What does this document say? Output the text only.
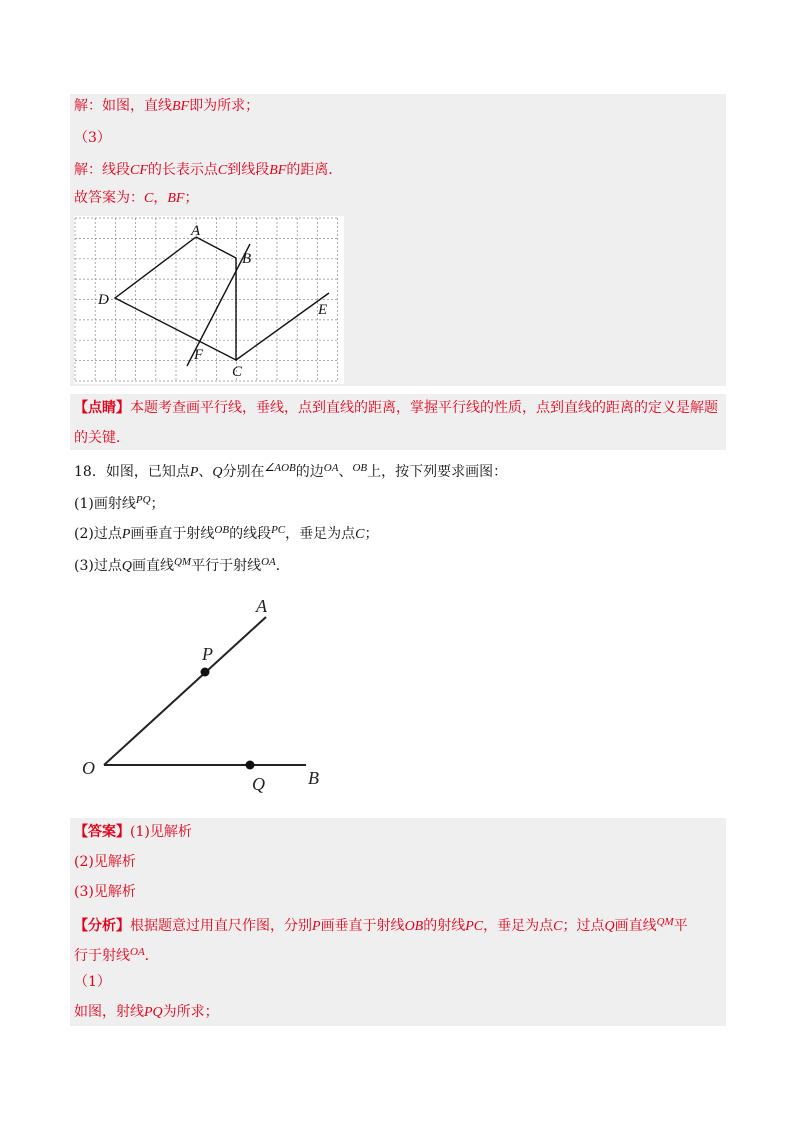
解：如图，直线BF即为所求；
（3）
解：线段CF的长表示点C到线段BF的距离．
故答案为：C，BF；
A
B
D
E
F
C
【点睛】本题考查画平行线，垂线，点到直线的距离，掌握平行线的性质，点到直线的距离的定义是解题
的关键．
18．如图，已知点P、Q分别在$^{\angle AOB}$的边$^{OA}$、$^{OB}$上，按下列要求画图：
(1)画射线$^{PQ}$；
(2)过点P画垂直于射线$^{OB}$的线段$^{PC}$，垂足为点C；
(3)过点Q画直线$^{QM}$平行于射线$^{OA}$．
A
P
O
Q B
【答案】(1)见解析
(2)见解析
(3)见解析
【分析】根据题意过用直尺作图，分别P画垂直于射线OB的射线PC，垂足为点C；过点Q画直线$^{QM}$平
行于射线$^{OA}$．
（1）
如图，射线PQ为所求；
